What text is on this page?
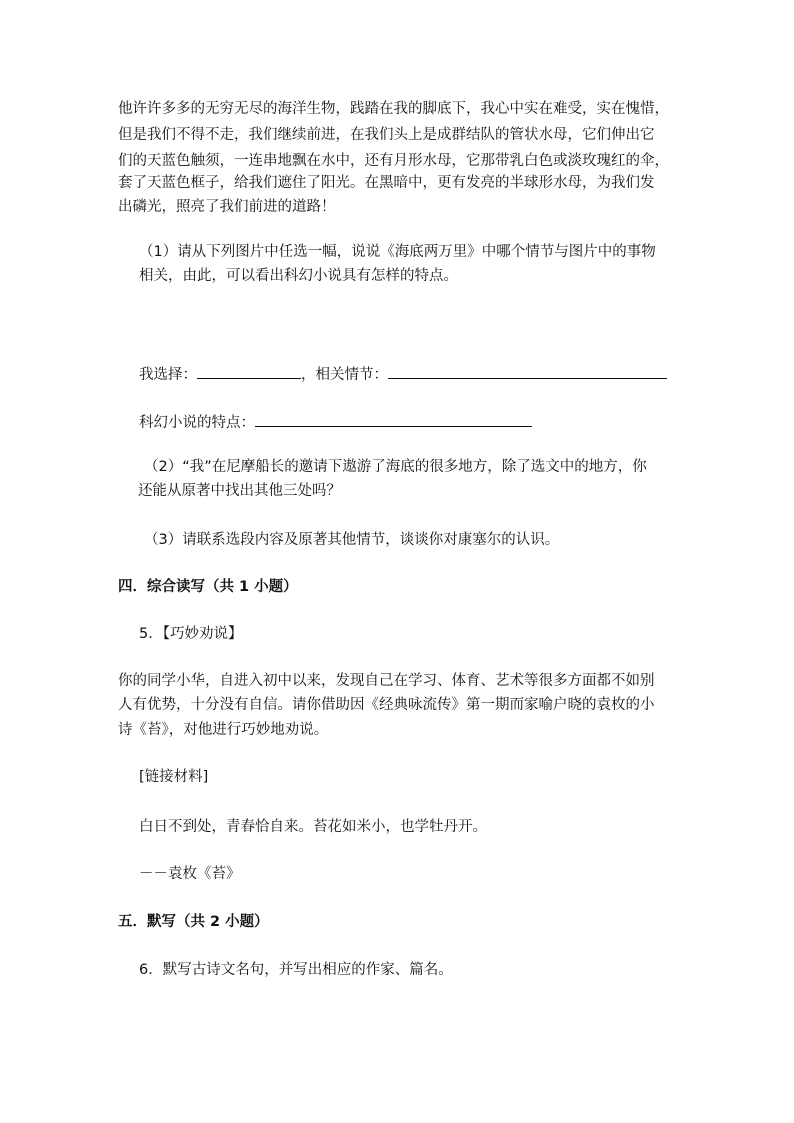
他许许多多的无穷无尽的海洋生物，践踏在我的脚底下，我心中实在难受，实在愧惜，
但是我们不得不走，我们继续前进，在我们头上是成群结队的管状水母，它们伸出它
们的天蓝色触须，一连串地飘在水中，还有月形水母，它那带乳白色或淡玫瑰红的伞，
套了天蓝色框子，给我们遮住了阳光。在黑暗中，更有发亮的半球形水母，为我们发
出磷光，照亮了我们前进的道路！
（1）请从下列图片中任选一幅，说说《海底两万里》中哪个情节与图片中的事物
相关，由此，可以看出科幻小说具有怎样的特点。
我选择：	，相关情节：
科幻小说的特点：
（2）“我”在尼摩船长的邀请下遨游了海底的很多地方，除了选文中的地方，你
还能从原著中找出其他三处吗？
（3）请联系选段内容及原著其他情节，谈谈你对康塞尔的认识。
四．综合读写（共 1 小题）
5．【巧妙劝说】
你的同学小华，自进入初中以来，发现自己在学习、体育、艺术等很多方面都不如别
人有优势，十分没有自信。请你借助因《经典咏流传》第一期而家喻户晓的袁枚的小
诗《苔》，对他进行巧妙地劝说。
[链接材料]
白日不到处，青春恰自来。苔花如米小，也学牡丹开。
－－袁枚《苔》
五．默写（共 2 小题）
6．默写古诗文名句，并写出相应的作家、篇名。
